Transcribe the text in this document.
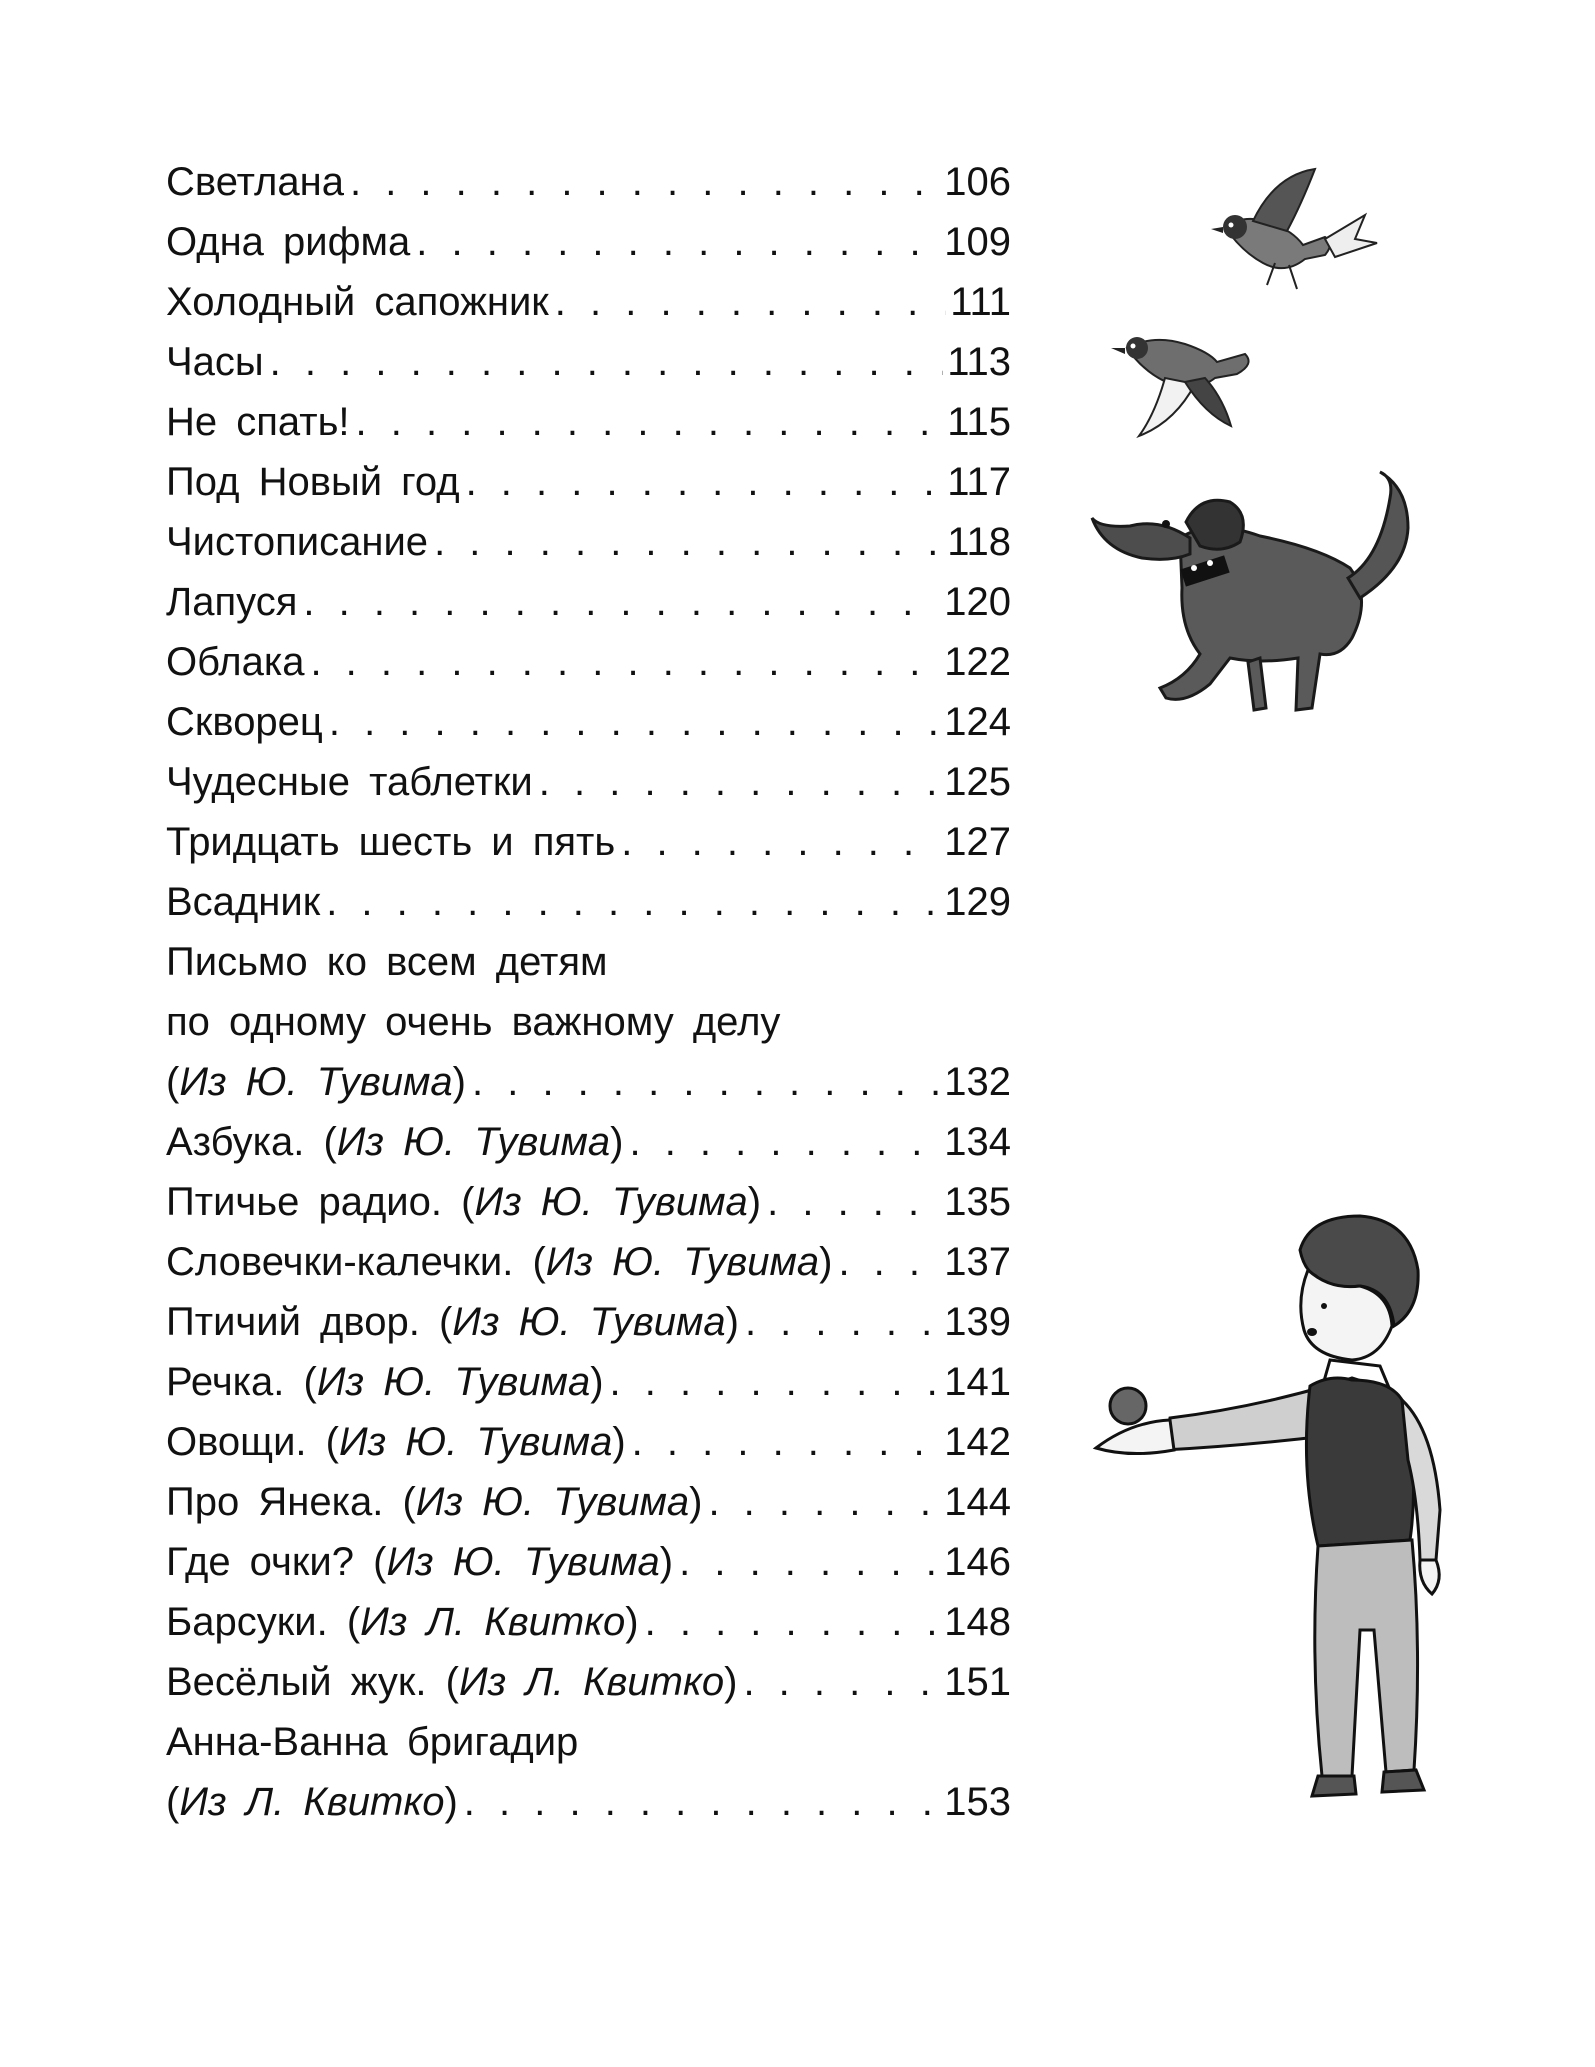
Светлана . . .	106
Одна рифма . . .	109
Холодный сапожник . . .	111
Часы . . .	113
Не спать! . . .	115
Под Новый год . . .	117
Чистописание . . .	118
Лапуся . . .	120
Облака . . .	122
Скворец . . .	124
Чудесные таблетки . . .	125
Тридцать шесть и пять . . .	127
Всадник . . .	129
Письмо ко всем детям
по одному очень важному делу
(Из Ю. Тувима) . . .	132
Азбука. (Из Ю. Тувима) . . .	134
Птичье радио. (Из Ю. Тувима) . . .	135
Словечки-калечки. (Из Ю. Тувима) . . .	137
Птичий двор. (Из Ю. Тувима) . . .	139
Речка. (Из Ю. Тувима) . . .	141
Овощи. (Из Ю. Тувима) . . .	142
Про Янека. (Из Ю. Тувима) . . .	144
Где очки? (Из Ю. Тувима) . . .	146
Барсуки. (Из Л. Квитко) . . .	148
Весёлый жук. (Из Л. Квитко) . . .	151
Анна-Ванна бригадир
(Из Л. Квитко) . . .	153
